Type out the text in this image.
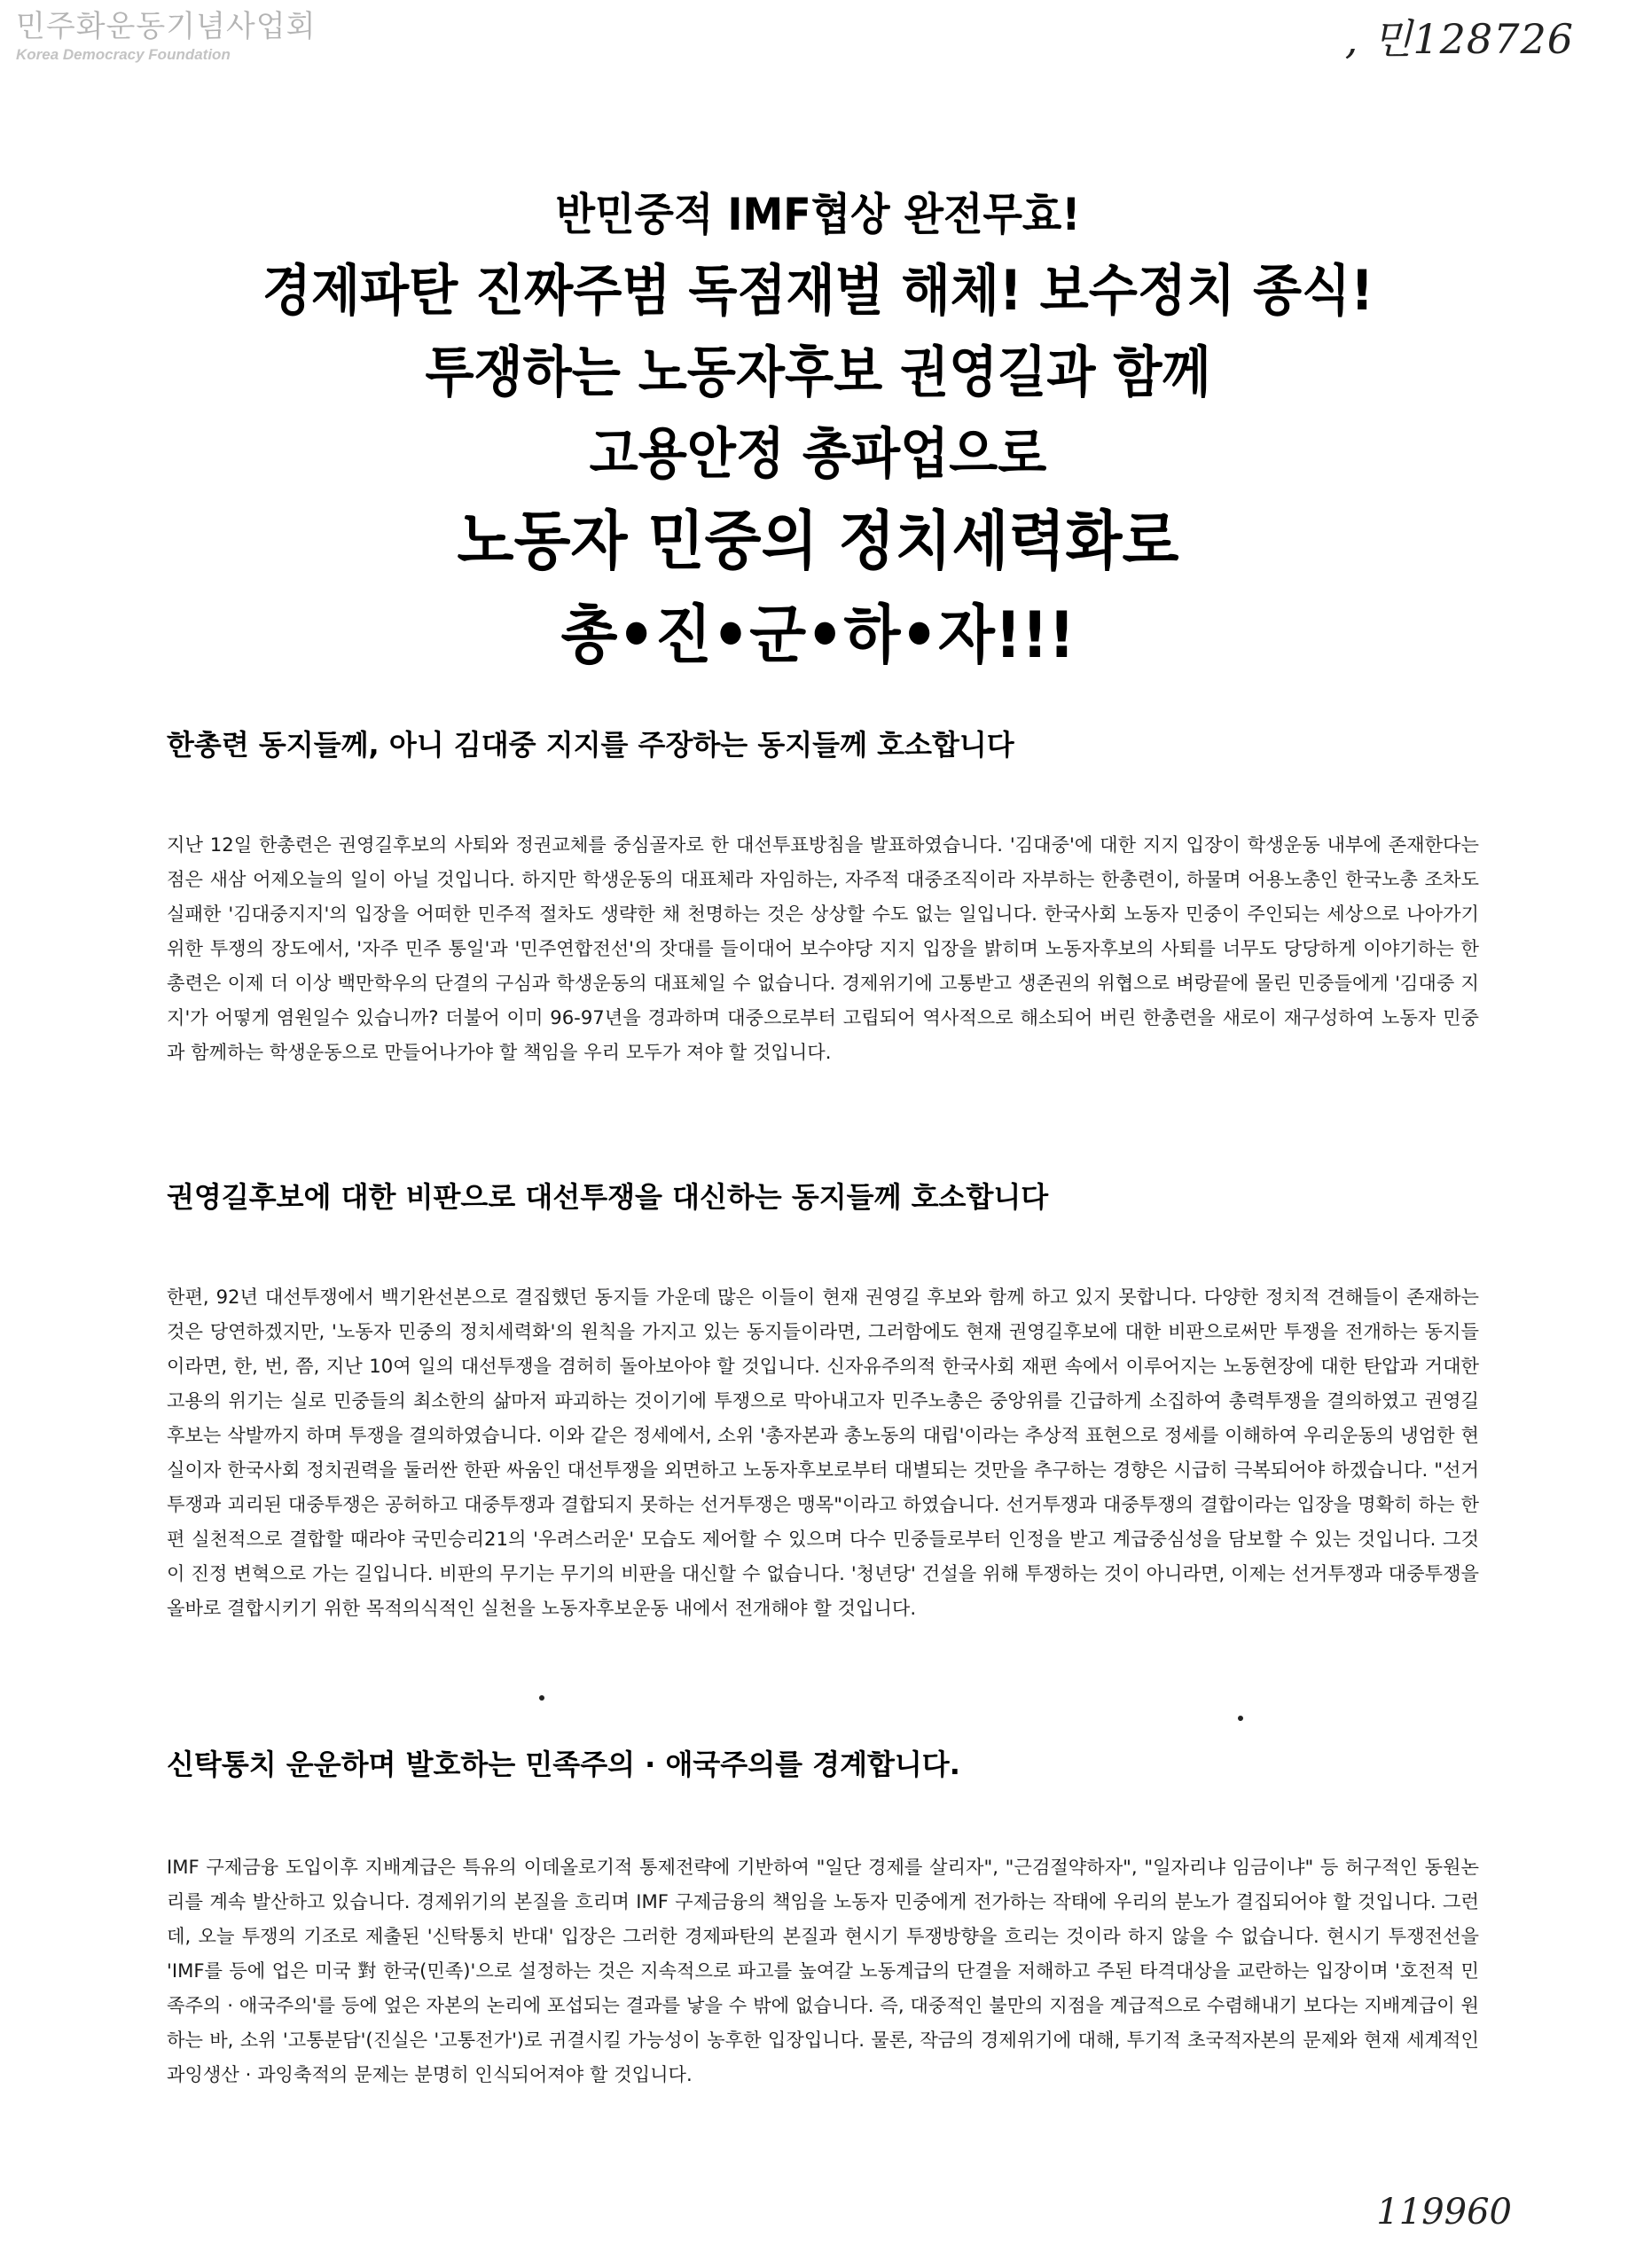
민주화운동기념사업회
Korea Democracy Foundation	, 민128726
반민중적 IMF협상 완전무효!
경제파탄 진짜주범 독점재벌 해체! 보수정치 종식!
투쟁하는 노동자후보 권영길과 함께
고용안정 총파업으로
노동자 민중의 정치세력화로
총•진•군•하•자!!!
한총련 동지들께, 아니 김대중 지지를 주장하는 동지들께 호소합니다
지난 12일 한총련은 권영길후보의 사퇴와 정권교체를 중심골자로 한 대선투표방침을 발표하였습니다. '김대중'에 대한 지지 입장이 학생운동 내부에 존재한다는 점은 새삼 어제오늘의 일이 아닐 것입니다. 하지만 학생운동의 대표체라 자임하는, 자주적 대중조직이라 자부하는 한총련이, 하물며 어용노총인 한국노총 조차도 실패한 '김대중지지'의 입장을 어떠한 민주적 절차도 생략한 채 천명하는 것은 상상할 수도 없는 일입니다. 한국사회 노동자 민중이 주인되는 세상으로 나아가기 위한 투쟁의 장도에서, '자주 민주 통일'과 '민주연합전선'의 잣대를 들이대어 보수야당 지지 입장을 밝히며 노동자후보의 사퇴를 너무도 당당하게 이야기하는 한총련은 이제 더 이상 백만학우의 단결의 구심과 학생운동의 대표체일 수 없습니다. 경제위기에 고통받고 생존권의 위협으로 벼랑끝에 몰린 민중들에게 '김대중 지지'가 어떻게 염원일수 있습니까? 더불어 이미 96-97년을 경과하며 대중으로부터 고립되어 역사적으로 해소되어 버린 한총련을 새로이 재구성하여 노동자 민중과 함께하는 학생운동으로 만들어나가야 할 책임을 우리 모두가 져야 할 것입니다.
권영길후보에 대한 비판으로 대선투쟁을 대신하는 동지들께 호소합니다
한편, 92년 대선투쟁에서 백기완선본으로 결집했던 동지들 가운데 많은 이들이 현재 권영길 후보와 함께 하고 있지 못합니다. 다양한 정치적 견해들이 존재하는 것은 당연하겠지만, '노동자 민중의 정치세력화'의 원칙을 가지고 있는 동지들이라면, 그러함에도 현재 권영길후보에 대한 비판으로써만 투쟁을 전개하는 동지들이라면, 한, 번, 쯤, 지난 10여 일의 대선투쟁을 겸허히 돌아보아야 할 것입니다. 신자유주의적 한국사회 재편 속에서 이루어지는 노동현장에 대한 탄압과 거대한 고용의 위기는 실로 민중들의 최소한의 삶마저 파괴하는 것이기에 투쟁으로 막아내고자 민주노총은 중앙위를 긴급하게 소집하여 총력투쟁을 결의하였고 권영길 후보는 삭발까지 하며 투쟁을 결의하였습니다. 이와 같은 정세에서, 소위 '총자본과 총노동의 대립'이라는 추상적 표현으로 정세를 이해하여 우리운동의 냉엄한 현실이자 한국사회 정치권력을 둘러싼 한판 싸움인 대선투쟁을 외면하고 노동자후보로부터 대별되는 것만을 추구하는 경향은 시급히 극복되어야 하겠습니다. "선거투쟁과 괴리된 대중투쟁은 공허하고 대중투쟁과 결합되지 못하는 선거투쟁은 맹목"이라고 하였습니다. 선거투쟁과 대중투쟁의 결합이라는 입장을 명확히 하는 한편 실천적으로 결합할 때라야 국민승리21의 '우려스러운' 모습도 제어할 수 있으며 다수 민중들로부터 인정을 받고 계급중심성을 담보할 수 있는 것입니다. 그것이 진정 변혁으로 가는 길입니다. 비판의 무기는 무기의 비판을 대신할 수 없습니다. '청년당' 건설을 위해 투쟁하는 것이 아니라면, 이제는 선거투쟁과 대중투쟁을 올바로 결합시키기 위한 목적의식적인 실천을 노동자후보운동 내에서 전개해야 할 것입니다.
신탁통치 운운하며 발호하는 민족주의 · 애국주의를 경계합니다.
IMF 구제금융 도입이후 지배계급은 특유의 이데올로기적 통제전략에 기반하여 "일단 경제를 살리자", "근검절약하자", "일자리냐 임금이냐" 등 허구적인 동원논리를 계속 발산하고 있습니다. 경제위기의 본질을 흐리며 IMF 구제금융의 책임을 노동자 민중에게 전가하는 작태에 우리의 분노가 결집되어야 할 것입니다. 그런데, 오늘 투쟁의 기조로 제출된 '신탁통치 반대' 입장은 그러한 경제파탄의 본질과 현시기 투쟁방향을 흐리는 것이라 하지 않을 수 없습니다. 현시기 투쟁전선을 'IMF를 등에 업은 미국 對 한국(민족)'으로 설정하는 것은 지속적으로 파고를 높여갈 노동계급의 단결을 저해하고 주된 타격대상을 교란하는 입장이며 '호전적 민족주의 · 애국주의'를 등에 엎은 자본의 논리에 포섭되는 결과를 낳을 수 밖에 없습니다. 즉, 대중적인 불만의 지점을 계급적으로 수렴해내기 보다는 지배계급이 원하는 바, 소위 '고통분담'(진실은 '고통전가')로 귀결시킬 가능성이 농후한 입장입니다. 물론, 작금의 경제위기에 대해, 투기적 초국적자본의 문제와 현재 세계적인 과잉생산 · 과잉축적의 문제는 분명히 인식되어져야 할 것입니다.
119960
